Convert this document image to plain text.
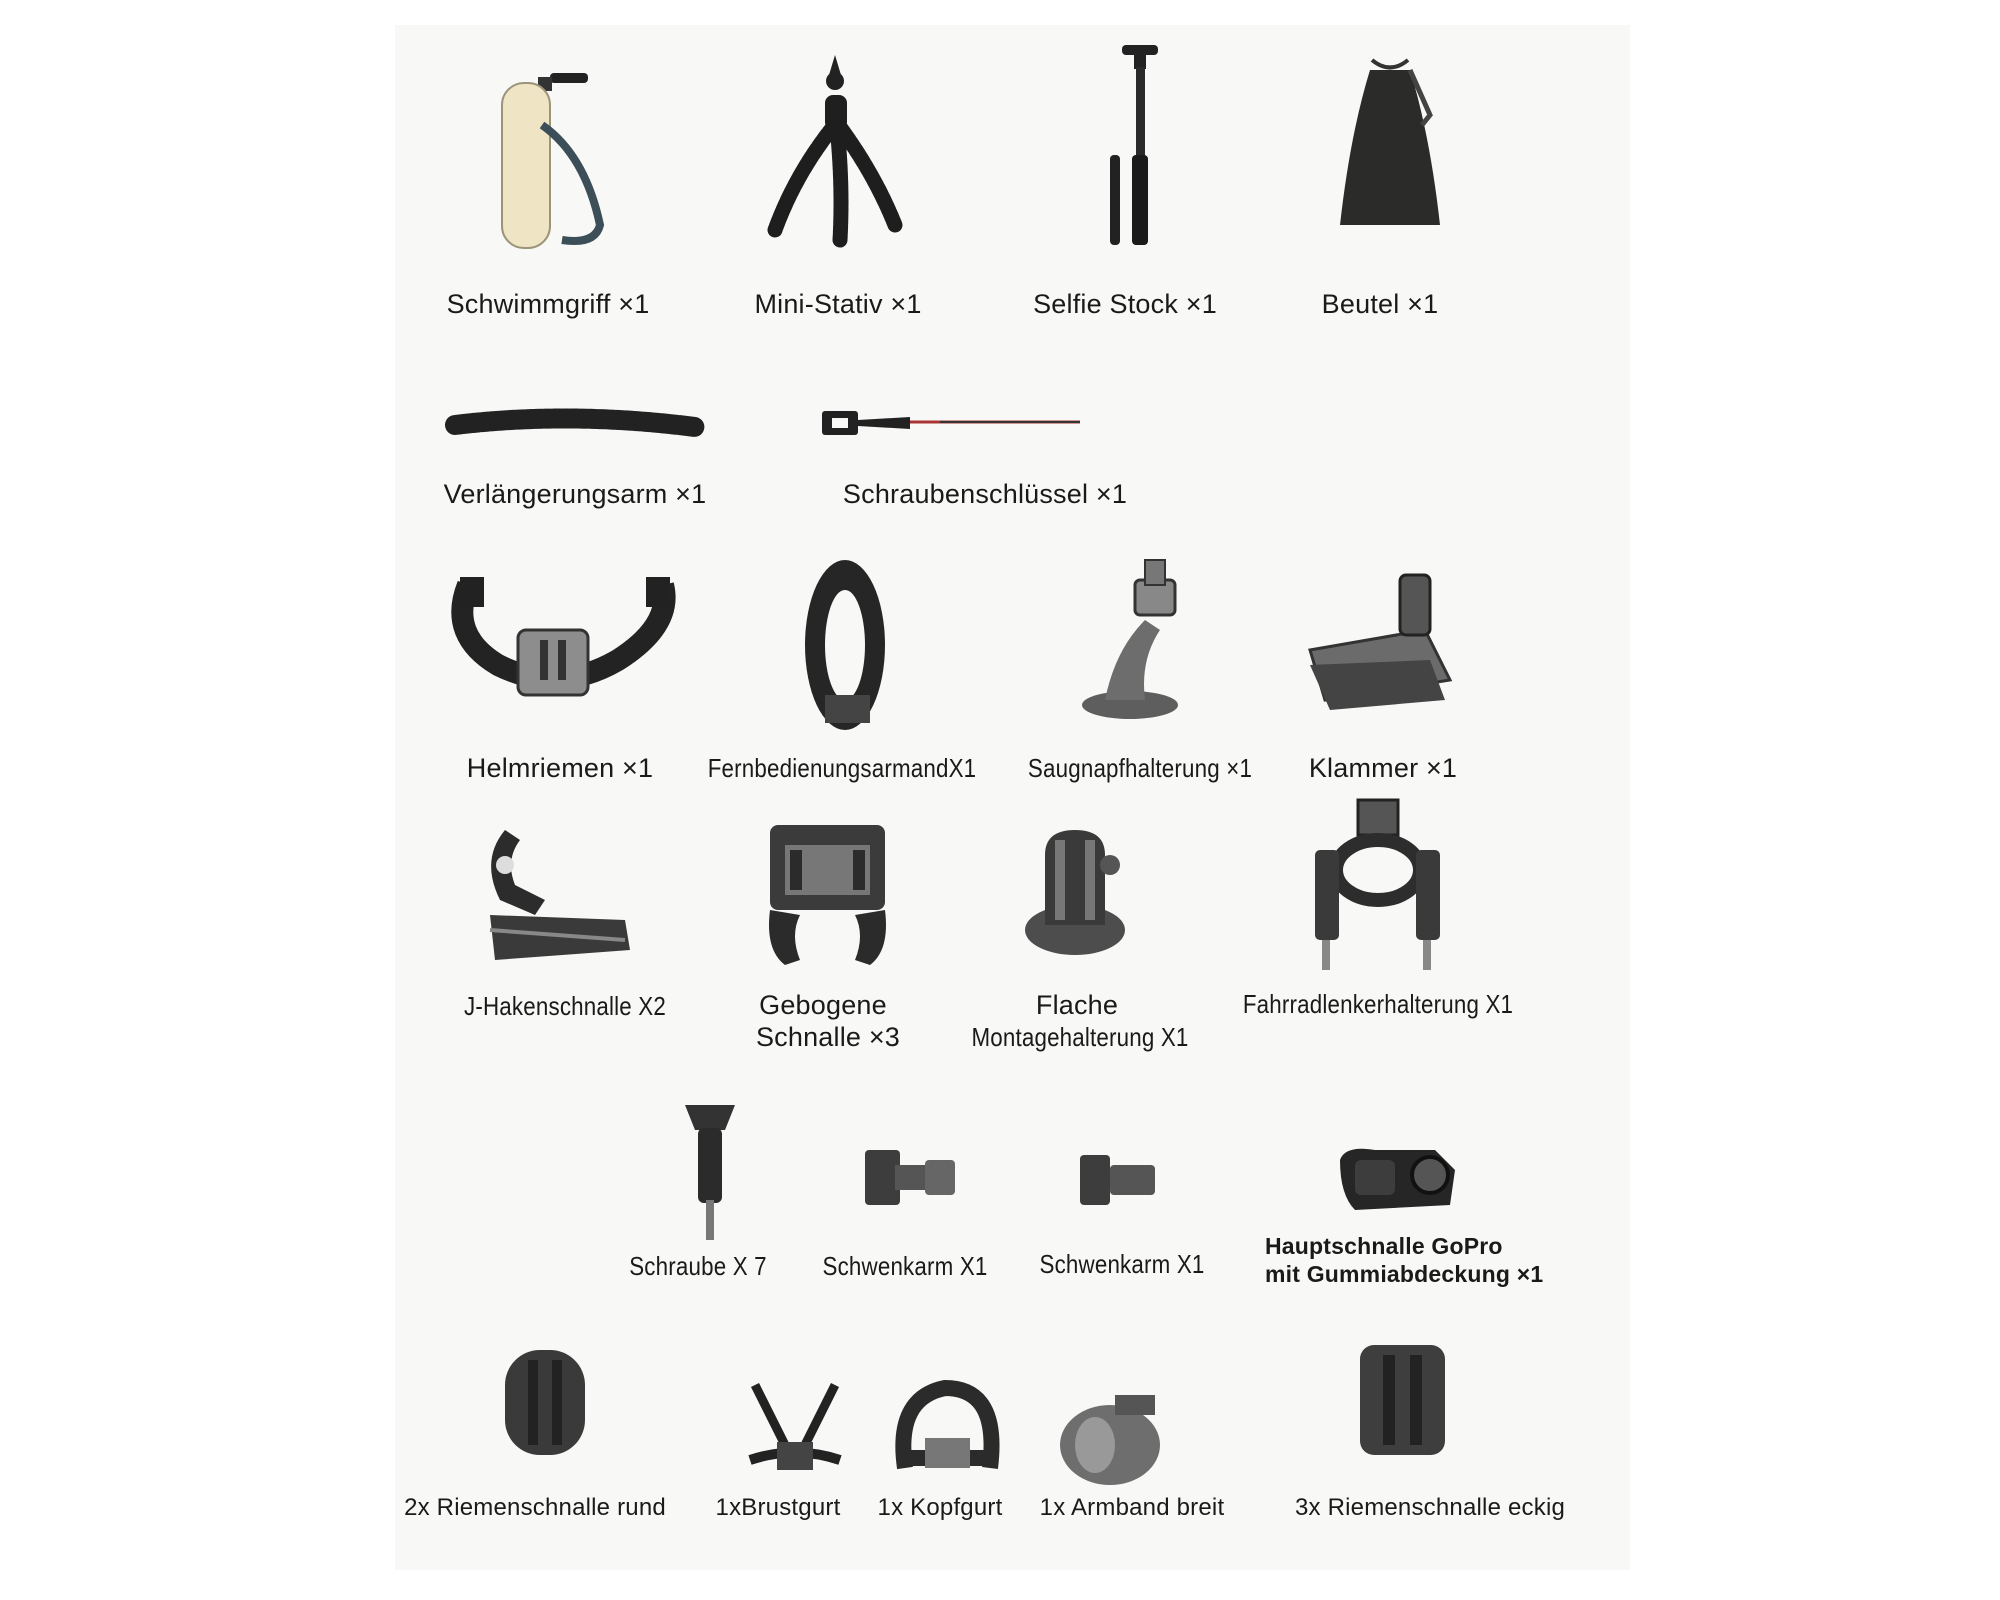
Schwimmgriff ×1	Mini-Stativ ×1	Selfie Stock ×1	Beutel ×1
Verlängerungsarm ×1	Schraubenschlüssel ×1
Helmriemen ×1 FernbedienungsarmandX1 Saugnapfhalterung ×1 Klammer ×1
J-Hakenschnalle X2	Gebogene
Schnalle ×3
Flache
Montagehalterung X1
Fahrradlenkerhalterung X1
Schraube X 7 Schwenkarm X1 Schwenkarm X1
Hauptschnalle GoPro
mit Gummiabdeckung ×1
2x Riemenschnalle rund 1xBrustgurt 1x Kopfgurt 1x Armband breit	3x Riemenschnalle eckig
